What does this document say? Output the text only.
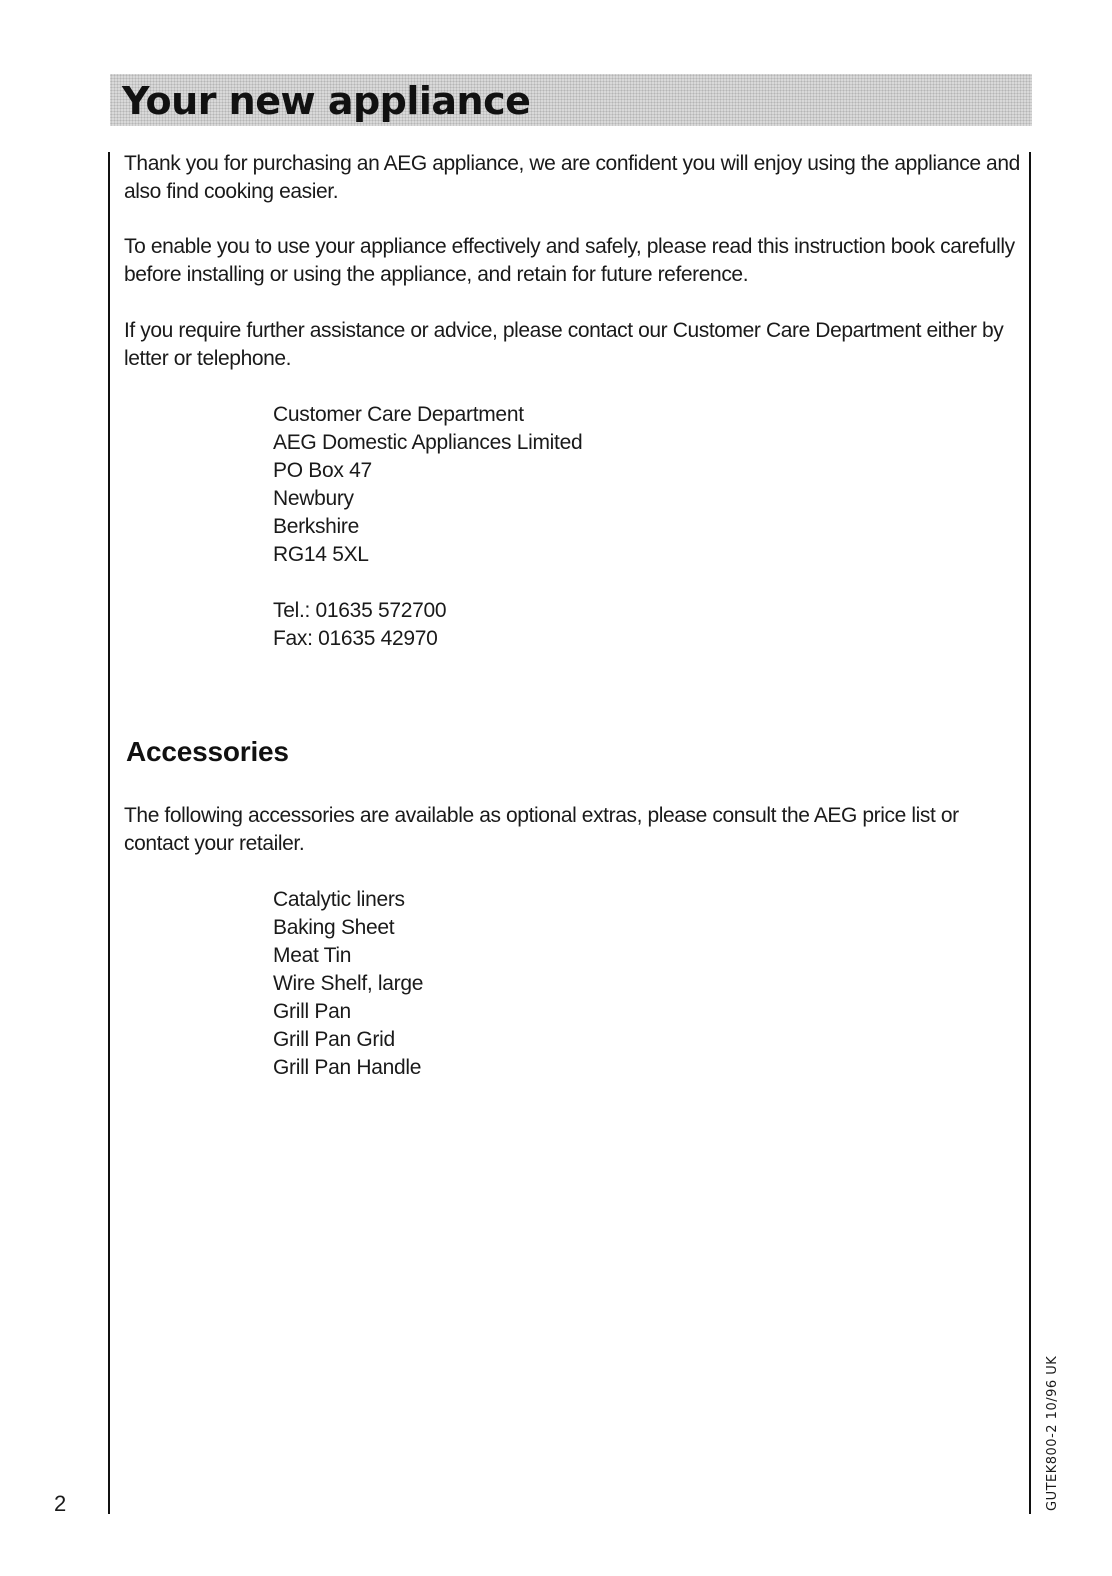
Your new appliance

Thank you for purchasing an AEG appliance, we are confident you will enjoy using the appliance and also find cooking easier.

To enable you to use your appliance effectively and safely, please read this instruction book carefully before installing or using the appliance, and retain for future reference.

If you require further assistance or advice, please contact our Customer Care Department either by letter or telephone.

Customer Care Department
AEG Domestic Appliances Limited
PO Box 47
Newbury
Berkshire
RG14 5XL
Tel.: 01635 572700
Fax: 01635 42970
Accessories

The following accessories are available as optional extras, please consult the AEG price list or contact your retailer.

Catalytic liners
Baking Sheet
Meat Tin
Wire Shelf, large
Grill Pan
Grill Pan Grid
Grill Pan Handle
2	GUTEK800-2 10/96 UK
